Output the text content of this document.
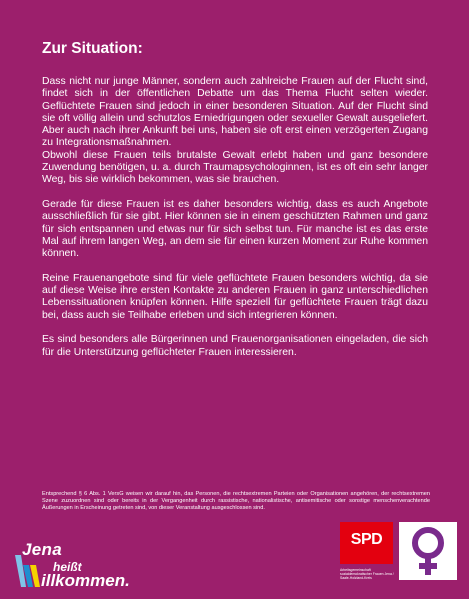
Zur Situation:

Dass nicht nur junge Männer, sondern auch zahlreiche Frauen auf der Flucht sind, findet sich in der öffentlichen Debatte um das Thema Flucht selten wieder. Geflüchtete Frauen sind jedoch in einer besonderen Situation. Auf der Flucht sind sie oft völlig allein und schutzlos Erniedrigungen oder sexueller Gewalt ausgeliefert. Aber auch nach ihrer Ankunft bei uns, haben sie oft erst einen verzögerten Zugang zu Integrationsmaßnahmen.

Obwohl diese Frauen teils brutalste Gewalt erlebt haben und ganz besondere Zuwendung benötigen, u. a. durch Traumapsychologinnen, ist es oft ein sehr langer Weg, bis sie wirklich bekommen, was sie brauchen.

Gerade für diese Frauen ist es daher besonders wichtig, dass es auch Angebote ausschließlich für sie gibt. Hier können sie in einem geschützten Rahmen und ganz für sich entspannen und etwas nur für sich selbst tun. Für manche ist es das erste Mal auf ihrem langen Weg, an dem sie für einen kurzen Moment zur Ruhe kommen können.

Reine Frauenangebote sind für viele geflüchtete Frauen besonders wichtig, da sie auf diese Weise ihre ersten Kontakte zu anderen Frauen in ganz unterschiedlichen Lebenssituationen knüpfen können. Hilfe speziell für geflüchtete Frauen trägt dazu bei, dass auch sie Teilhabe erleben und sich integrieren können.

Es sind besonders alle Bürgerinnen und Frauenorganisationen eingeladen, die sich für die Unterstützung geflüchteter Frauen interessieren.

Entsprechend § 6 Abs. 1 VersG weisen wir darauf hin, das Personen, die rechtsextremen Parteien oder Organisationen angehören, der rechtsextremen Szene zuzuordnen sind oder bereits in der Vergangenheit durch rassistische, nationalistische, antisemitische oder sonstige menschenverachtende Äußerungen in Erscheinung getreten sind, von dieser Veranstaltung ausgeschlossen sind.
Jena
heißt
illkommen.
SPD
Arbeitsgemeinschaft sozialdemokratischer Frauen Jena / Saale-Holzland-Kreis
